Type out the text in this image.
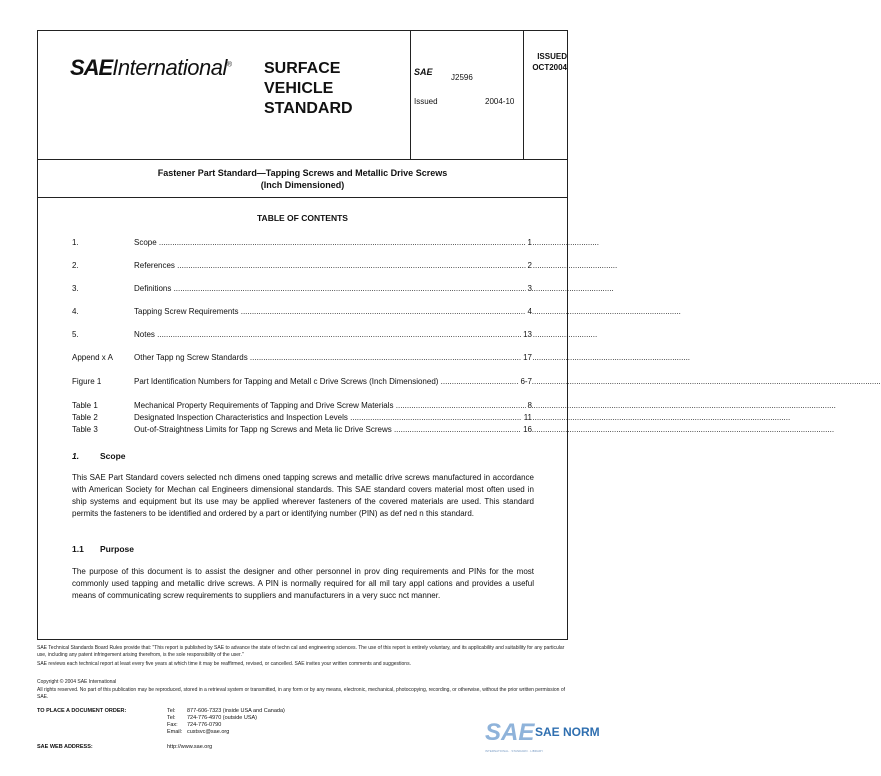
SAEInternational® SURFACE
VEHICLE
STANDARD
SAE
J2596
Issued	2004-10
ISSUED
OCT2004
Fastener Part Standard—Tapping Screws and Metallic Drive Screws
(Inch Dimensioned)
TABLE OF CONTENTS
1.	Scope .....	1
2.	References .....	2
3.	Definitions .....	3
4.	Tapping Screw Requirements .....	4
5.	Notes .....	13
Append x A	Other Tapp ng Screw Standards .....	17
Figure 1	Part Identification Numbers for Tapping and Metall c Drive Screws (Inch Dimensioned) .....	6-7
Table 1	Mechanical Property Requirements of Tapping and Drive Screw Materials .....	8
Table 2	Designated Inspection Characteristics and Inspection Levels .....	11
Table 3	Out-of-Straightness Limits for Tapp ng Screws and Meta lic Drive Screws .....	16
1. Scope
This SAE Part Standard covers selected nch dimens oned tapping screws and metallic drive screws manufactured in accordance with American Society for Mechan cal Engineers dimensional standards. This SAE standard covers material most often used in ship systems and equipment but its use may be applied wherever fasteners of the covered materials are used. This standard permits the fasteners to be identified and ordered by a part or identifying number (PIN) as def ned n this standard.
1.1 Purpose
The purpose of this document is to assist the designer and other personnel in prov ding requirements and PINs for the most commonly used tapping and metallic drive screws. A PIN is normally required for all mil tary appl cations and provides a useful means of communicating screw requirements to suppliers and manufacturers in a very succ nct manner.
SAE Technical Standards Board Rules provide that: "This report is published by SAE to advance the state of techn cal and engineering sciences. The use of this report is entirely voluntary, and its applicability and suitability for any particular use, including any patent infringement arising therefrom, is the sole responsibility of the user."
SAE reviews each technical report at least every five years at which time it may be reaffirmed, revised, or cancelled. SAE invites your written comments and suggestions.
Copyright © 2004 SAE International
All rights reserved. No part of this publication may be reproduced, stored in a retrieval system or transmitted, in any form or by any means, electronic, mechanical, photocopying, recording, or otherwise, without the prior written permission of SAE.
TO PLACE A DOCUMENT ORDER:	Tel: 877-606-7323 (inside USA and Canada)
Tel: 724-776-4970 (outside USA)
Fax: 724-776-0790
Email: custsvc@sae.org
SAE WEB ADDRESS:	http://www.sae.org
SAE SAE NORM
INTERNATIONAL · STANDARD · LIBRARY
